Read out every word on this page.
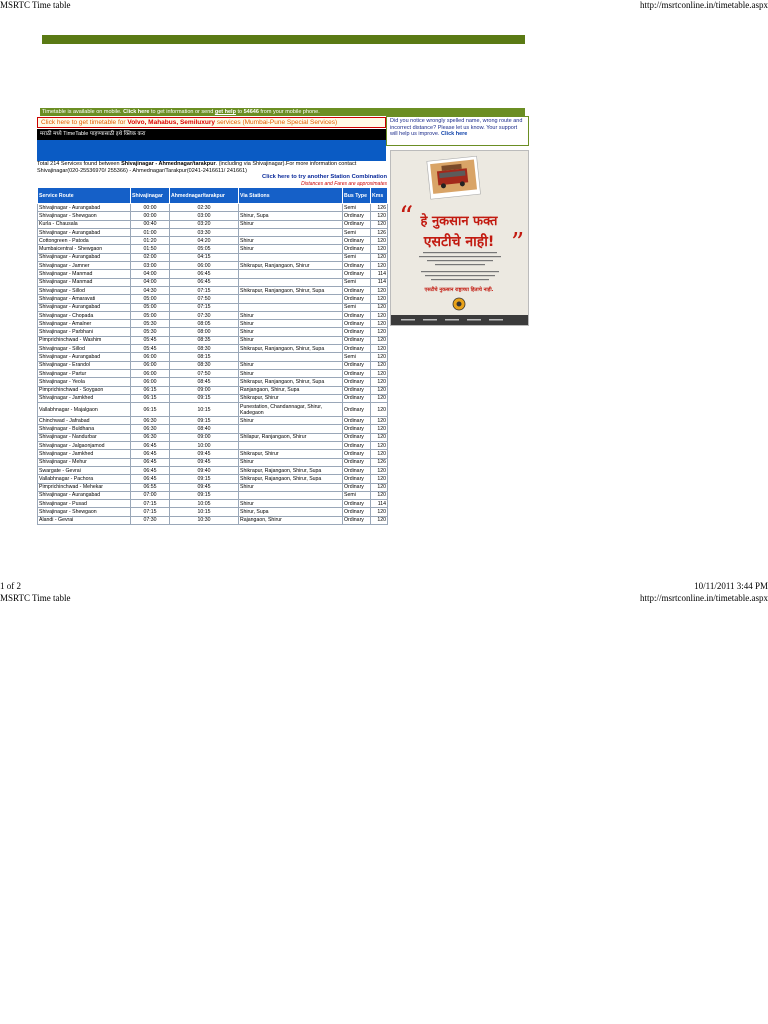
MSRTC Time table	http://msrtconline.in/timetable.aspx
Timetable is available on mobile. Click here to get information or send get help to 54646 from your mobile phone.
Click here to get timetable for Volvo, Mahabus, Semiluxury services (Mumbai-Pune Special Services)
मराठी मध्ये TimeTable पाहण्यासाठी इथे क्लिक करा
Did you notice wrongly spelled name, wrong route and incorrect distance? Please let us know. Your support will help us improve. Click here
Total 214 Services found between Shivajinagar - Ahmednagar/tarakpur. (including via Shivajinagar).For more information contact Shivajinagar(020-25536970/ 255366) - Ahmednagar/Tarakpur(0241-2416611/ 241661)
Click here to try another Station Combination
Distances and Fares are approximates
“
”
हे नुकसान फक्त
एसटीचे नाही!
एसटीचे नुकसान राष्ट्राच्या हिताचे नाही.
Service Route	Shivajinagar	Ahmednagar/tarakpur	Via Stations	Bus Type	Kms
Shivajinagar - Aurangabad	00:00	02:30		Semi	126
Shivajinagar - Shewgaon	00:00	03:00	Shirur, Supa	Ordinary	120
Kurla - Chausala	00:40	03:20	Shirur	Ordinary	120
Shivajinagar - Aurangabad	01:00	03:30		Semi	126
Cottongreen - Patoda	01:20	04:20	Shirur	Ordinary	120
Mumbaicentral - Shewgaon	01:50	05:05	Shirur	Ordinary	120
Shivajinagar - Aurangabad	02:00	04:15		Semi	120
Shivajinagar - Jamner	03:00	06:00	Shikrapur, Ranjangaon, Shirur	Ordinary	120
Shivajinagar - Manmad	04:00	06:45		Ordinary	114
Shivajinagar - Manmad	04:00	06:45		Semi	114
Shivajinagar - Sillod	04:30	07:15	Shikrapur, Ranjangaon, Shirur, Supa	Ordinary	120
Shivajinagar - Amaravati	05:00	07:50		Ordinary	120
Shivajinagar - Aurangabad	05:00	07:15		Semi	120
Shivajinagar - Chopada	05:00	07:30	Shirur	Ordinary	120
Shivajinagar - Amalner	05:30	08:05	Shirur	Ordinary	120
Shivajinagar - Parbhani	05:30	08:00	Shirur	Ordinary	120
Pimprichinchwad - Washim	05:45	08:35	Shirur	Ordinary	120
Shivajinagar - Sillod	05:45	08:30	Shikrapur, Ranjangaon, Shirur, Supa	Ordinary	120
Shivajinagar - Aurangabad	06:00	08:15		Semi	120
Shivajinagar - Erandol	06:00	08:30	Shirur	Ordinary	120
Shivajinagar - Partur	06:00	07:50	Shirur	Ordinary	120
Shivajinagar - Yeola	06:00	08:45	Shikrapur, Ranjangaon, Shirur, Supa	Ordinary	120
Pimprichinchwad - Soygaon	06:15	09:00	Ranjangaon, Shirur, Supa	Ordinary	120
Shivajinagar - Jamkhed	06:15	09:15	Shikrapur, Shirur	Ordinary	120
Vallabhnagar - Majalgaon	06:15	10:15	Punestation, Chandannagar, Shirur, Kadegaon	Ordinary	120
Chinchwad - Jafrabad	06:30	09:15	Shirur	Ordinary	120
Shivajinagar - Buldhana	06:30	08:40		Ordinary	120
Shivajinagar - Nandurbar	06:30	09:00	Shilapur, Ranjangaon, Shirur	Ordinary	120
Shivajinagar - Jalgaonjamod	06:45	10:00		Ordinary	120
Shivajinagar - Jamkhed	06:45	09:45	Shikrapur, Shirur	Ordinary	120
Shivajinagar - Mehur	06:45	09:45	Shirur	Ordinary	126
Swargate - Gevrai	06:45	09:40	Shikrapur, Rajangaon, Shirur, Supa	Ordinary	120
Vallabhnagar - Pachora	06:45	09:15	Shikrapur, Rajangaon, Shirur, Supa	Ordinary	120
Pimprichinchwad - Mehekar	06:55	09:45	Shirur	Ordinary	120
Shivajinagar - Aurangabad	07:00	09:15		Semi	120
Shivajinagar - Pusad	07:15	10:05	Shirur	Ordinary	114
Shivajinagar - Shewgaon	07:15	10:15	Shirur, Supa	Ordinary	120
Alandi - Gevrai	07:30	10:30	Rajangaon, Shirur	Ordinary	120
1 of 2	10/11/2011 3:44 PM
MSRTC Time table	http://msrtconline.in/timetable.aspx
